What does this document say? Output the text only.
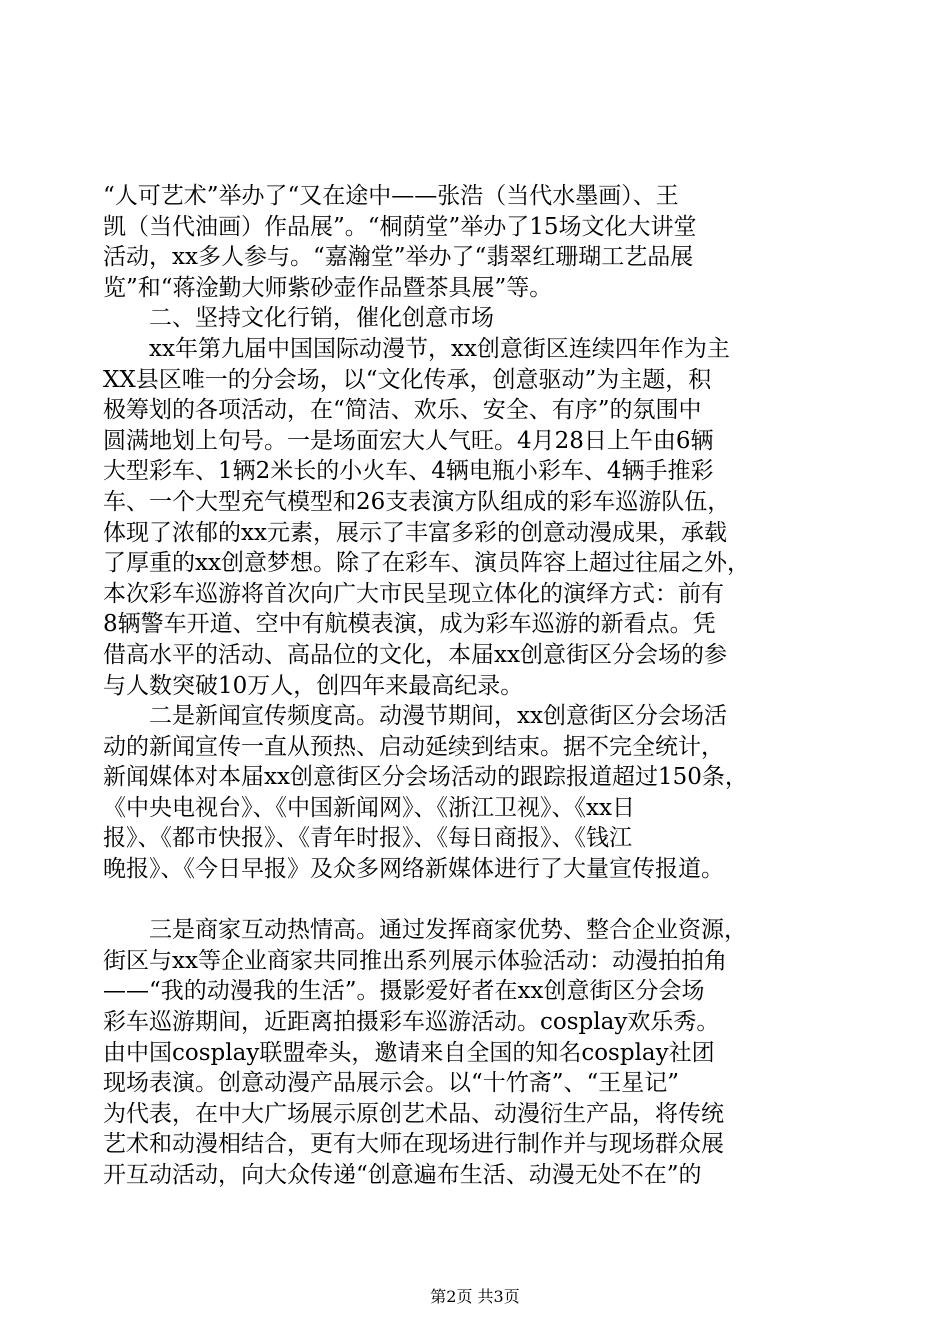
“人可艺术”举办了“又在途中——张浩（当代水墨画）、王
凯（当代油画）作品展”。“桐荫堂”举办了15场文化大讲堂
活动，xx多人参与。“嘉瀚堂”举办了“翡翠红珊瑚工艺品展
览”和“蒋淦勤大师紫砂壶作品暨茶具展”等。
二、坚持文化行销，催化创意市场
xx年第九届中国国际动漫节，xx创意街区连续四年作为主
XX县区唯一的分会场，以“文化传承，创意驱动”为主题，积
极筹划的各项活动，在“简洁、欢乐、安全、有序”的氛围中
圆满地划上句号。一是场面宏大人气旺。4月28日上午由6辆
大型彩车、1辆2米长的小火车、4辆电瓶小彩车、4辆手推彩
车、一个大型充气模型和26支表演方队组成的彩车巡游队伍，
体现了浓郁的xx元素，展示了丰富多彩的创意动漫成果，承载
了厚重的xx创意梦想。除了在彩车、演员阵容上超过往届之外，
本次彩车巡游将首次向广大市民呈现立体化的演绎方式：前有
8辆警车开道、空中有航模表演，成为彩车巡游的新看点。凭
借高水平的活动、高品位的文化，本届xx创意街区分会场的参
与人数突破10万人，创四年来最高纪录。
二是新闻宣传频度高。动漫节期间，xx创意街区分会场活
动的新闻宣传一直从预热、启动延续到结束。据不完全统计，
新闻媒体对本届xx创意街区分会场活动的跟踪报道超过150条，
《中央电视台》、《中国新闻网》、《浙江卫视》、《xx日
报》、《都市快报》、《青年时报》、《每日商报》、《钱江
晚报》、《今日早报》及众多网络新媒体进行了大量宣传报道。
三是商家互动热情高。通过发挥商家优势、整合企业资源，
街区与xx等企业商家共同推出系列展示体验活动：动漫拍拍角
——“我的动漫我的生活”。摄影爱好者在xx创意街区分会场
彩车巡游期间，近距离拍摄彩车巡游活动。cosplay欢乐秀。
由中国cosplay联盟牵头，邀请来自全国的知名cosplay社团
现场表演。创意动漫产品展示会。以“十竹斋”、“王星记”
为代表，在中大广场展示原创艺术品、动漫衍生产品，将传统
艺术和动漫相结合，更有大师在现场进行制作并与现场群众展
开互动活动，向大众传递“创意遍布生活、动漫无处不在”的
第2页 共3页
